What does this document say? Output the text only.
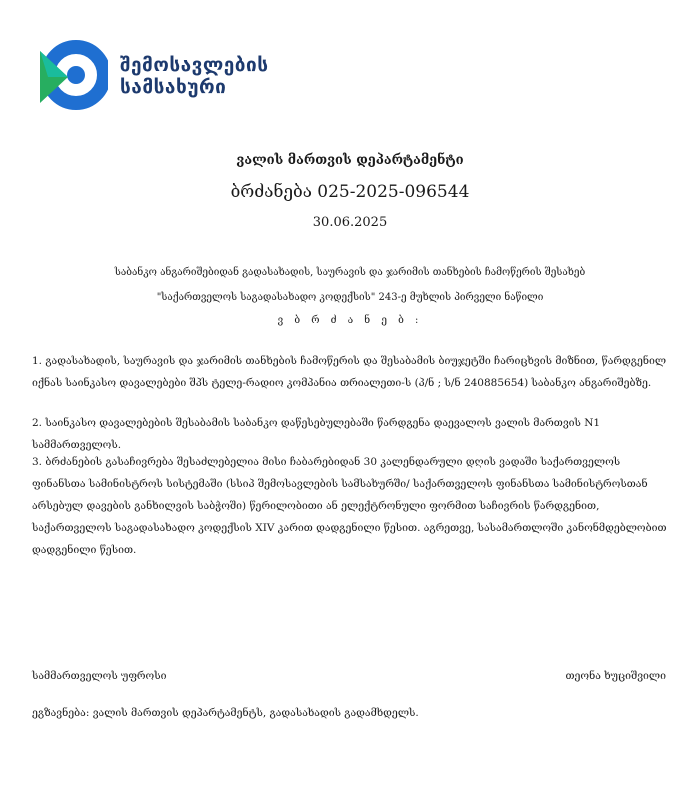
შემოსავლების
სამსახური
ვალის მართვის დეპარტამენტი
ბრძანება 025-2025-096544
30.06.2025
საბანკო ანგარიშებიდან გადასახადის, საურავის და ჯარიმის თანხების ჩამოწერის შესახებ
"საქართველოს საგადასახადო კოდექსის" 243-ე მუხლის პირველი ნაწილი
ვ ბ რ ძ ა ნ ე ბ :
1. გადასახადის, საურავის და ჯარიმის თანხების ჩამოწერის და შესაბამის ბიუჯეტში ჩარიცხვის მიზნით, წარდგენილ იქნას საინკასო დავალებები შპს ტელე-რადიო კომპანია თრიალეთი-ს (პ/ნ ; ს/ნ 240885654) საბანკო ანგარიშებზე.
2. საინკასო დავალებების შესაბამის საბანკო დაწესებულებაში წარდგენა დაევალოს ვალის მართვის N1 სამმართველოს.
3. ბრძანების გასაჩივრება შესაძლებელია მისი ჩაბარებიდან 30 კალენდარული დღის ვადაში საქართველოს ფინანსთა სამინისტროს სისტემაში (სსიპ შემოსავლების სამსახურში/ საქართველოს ფინანსთა სამინისტროსთან არსებულ დავების განხილვის საბჭოში) წერილობითი ან ელექტრონული ფორმით საჩივრის წარდგენით, საქართველოს საგადასახადო კოდექსის XIV კარით დადგენილი წესით. აგრეთვე, სასამართლოში კანონმდებლობით დადგენილი წესით.
სამმართველოს უფროსი	თეონა ხუციშვილი
ეგზავნება: ვალის მართვის დეპარტამენტს, გადასახადის გადამხდელს.
